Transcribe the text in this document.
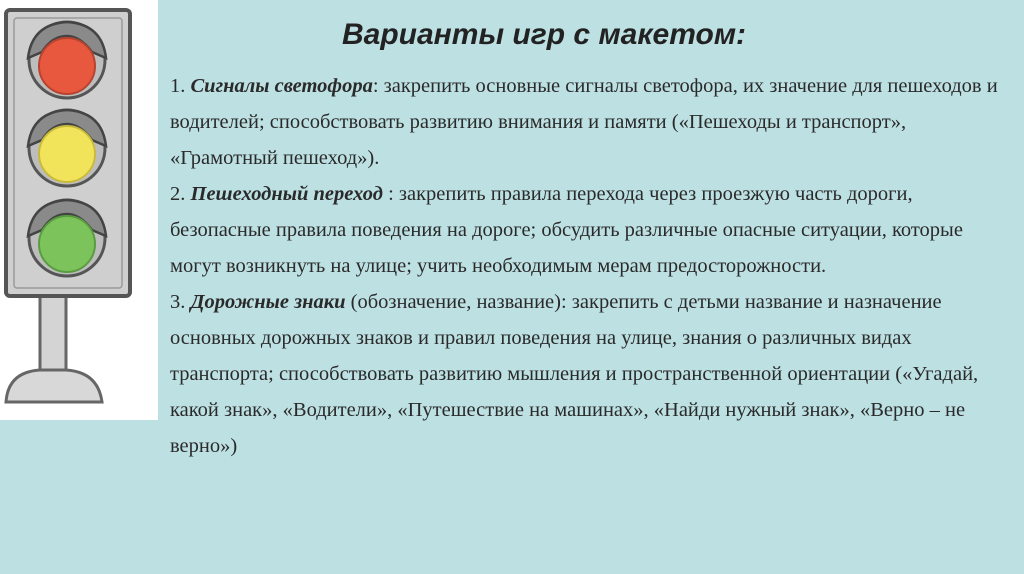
Варианты игр с макетом:

1. Сигналы светофора: закрепить основные сигналы светофора, их значение для пешеходов и водителей; способствовать развитию внимания и памяти («Пешеходы и транспорт», «Грамотный пешеход»).

2. Пешеходный переход : закрепить правила перехода через проезжую часть дороги, безопасные правила поведения на дороге; обсудить различные опасные ситуации, которые могут возникнуть на улице; учить необходимым мерам предосторожности.

3. Дорожные знаки (обозначение, название): закрепить с детьми название и назначение основных дорожных знаков и правил поведения на улице, знания о различных видах транспорта; способствовать развитию мышления и пространственной ориентации («Угадай, какой знак», «Водители», «Путешествие на машинах», «Найди нужный знак», «Верно – не верно»)
